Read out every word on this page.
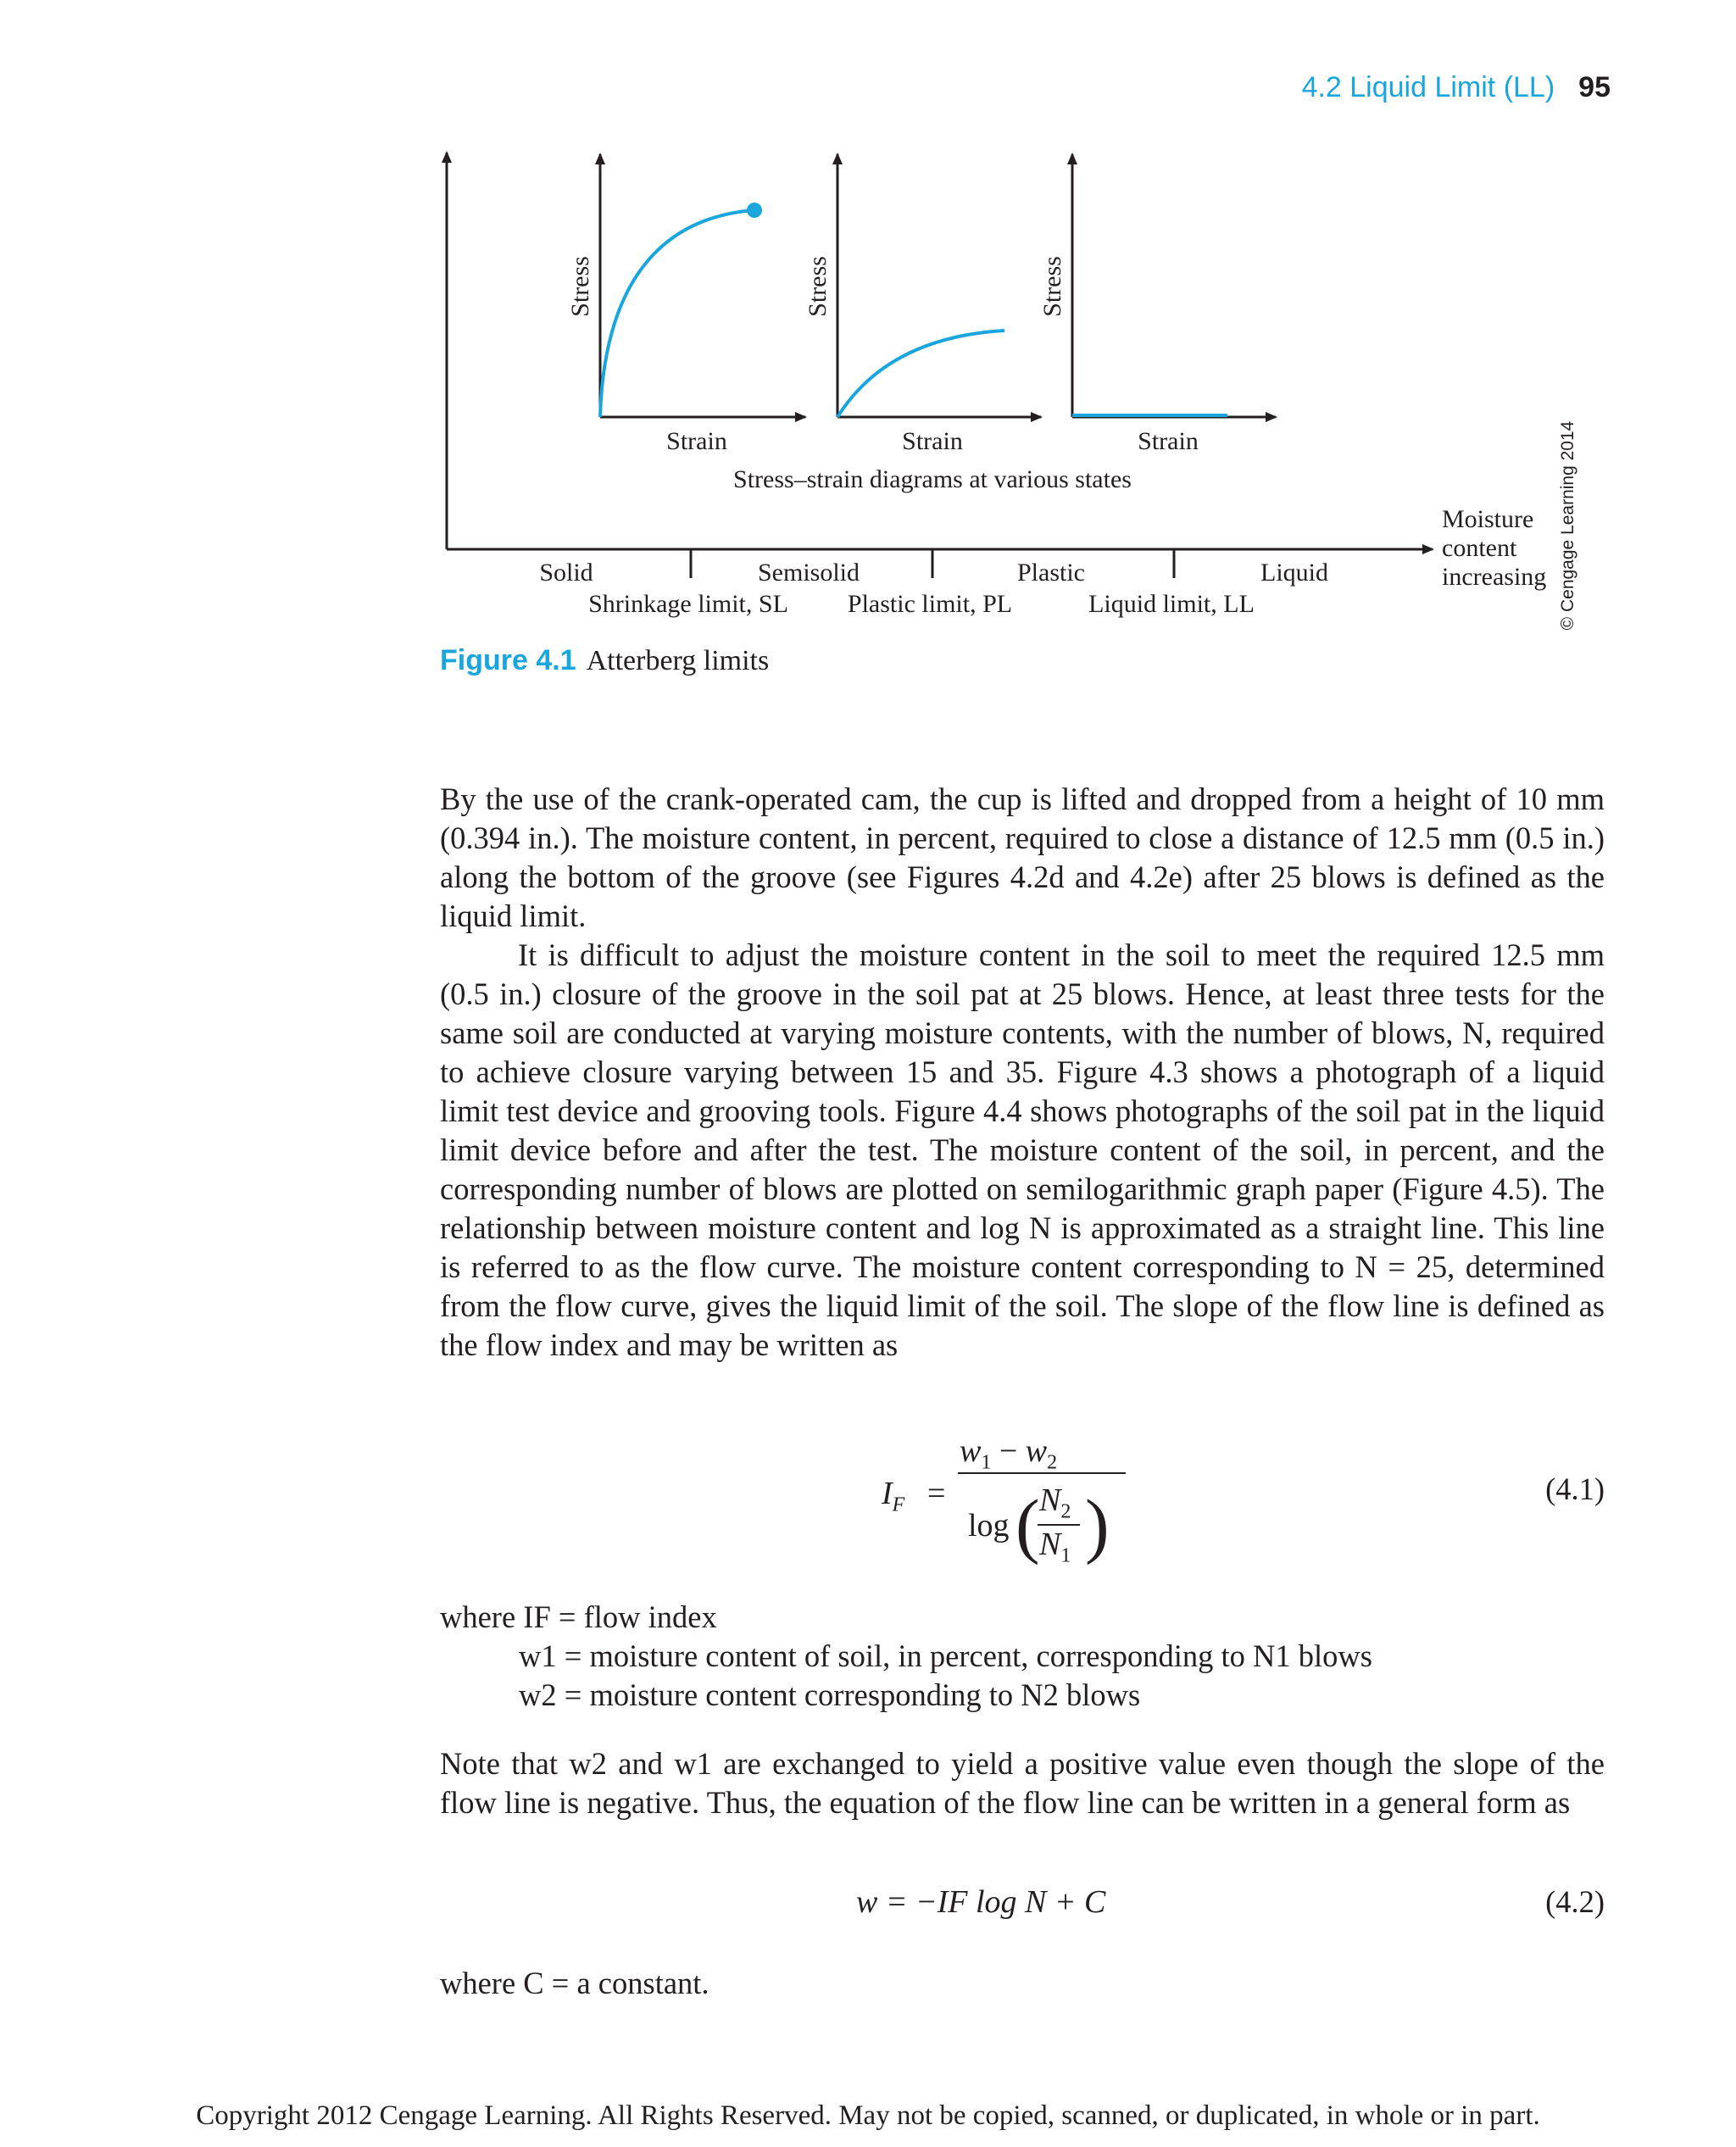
4.2 Liquid Limit (LL) 95
Stress	Stress	Stress
Strain	Strain	Strain
Stress–strain diagrams at various states
Solid	Semisolid	Plastic	Liquid
Shrinkage limit, SL Plastic limit, PL	Liquid limit, LL
Moisture
content
increasing © Cengage Learning 2014
Figure 4.1 Atterberg limits

By the use of the crank-operated cam, the cup is lifted and dropped from a height of 10 mm (0.394 in.). The moisture content, in percent, required to close a distance of 12.5 mm (0.5 in.) along the bottom of the groove (see Figures 4.2d and 4.2e) after 25 blows is defined as the liquid limit.

It is difficult to adjust the moisture content in the soil to meet the required 12.5 mm (0.5 in.) closure of the groove in the soil pat at 25 blows. Hence, at least three tests for the same soil are conducted at varying moisture contents, with the number of blows, N, required to achieve closure varying between 15 and 35. Figure 4.3 shows a photograph of a liquid limit test device and grooving tools. Figure 4.4 shows photographs of the soil pat in the liquid limit device before and after the test. The moisture content of the soil, in percent, and the corresponding number of blows are plotted on semilogarithmic graph paper (Figure 4.5). The relationship between moisture content and log N is approximated as a straight line. This line is referred to as the flow curve. The moisture content corresponding to N = 25, determined from the flow curve, gives the liquid limit of the soil. The slope of the flow line is defined as the flow index and may be written as

$I_F$ =
$w_1 - w_2$
log ( $N_2$
$N_1$ )	(4.1)
where IF = flow index
w1 = moisture content of soil, in percent, corresponding to N1 blows
w2 = moisture content corresponding to N2 blows

Note that w2 and w1 are exchanged to yield a positive value even though the slope of the flow line is negative. Thus, the equation of the flow line can be written in a general form as

w = −IF log N + C	(4.2)
where C = a constant.
Copyright 2012 Cengage Learning. All Rights Reserved. May not be copied, scanned, or duplicated, in whole or in part.
